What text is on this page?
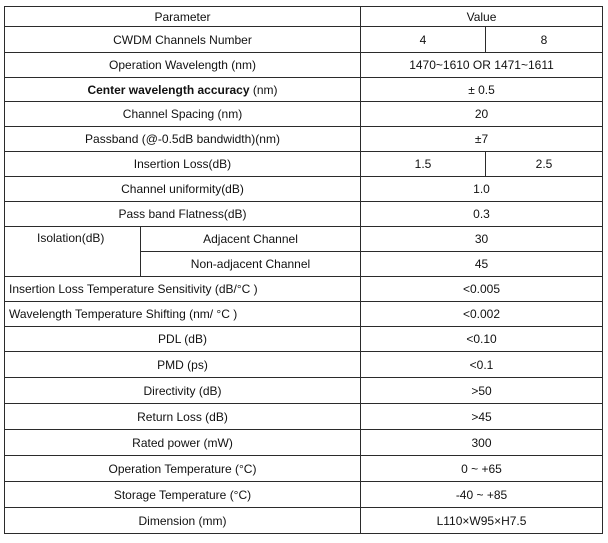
Parameter		Value	
CWDM Channels Number		4	8
Operation Wavelength (nm)		1470~1610 OR 1471~1611	
Center wavelength accuracy (nm)		± 0.5	
Channel Spacing (nm)		20	
Passband (@-0.5dB bandwidth)(nm)		±7	
Insertion Loss(dB)		1.5	2.5
Channel uniformity(dB)		1.0	
Pass band Flatness(dB)		0.3	
Isolation(dB)	Adjacent Channel	30	
	Non-adjacent Channel	45	
Insertion Loss Temperature Sensitivity (dB/°C )		<0.005	
Wavelength Temperature Shifting (nm/ °C )		<0.002	
PDL (dB)		<0.10	
PMD (ps)		<0.1	
Directivity (dB)		>50	
Return Loss (dB)		>45	
Rated power (mW)		300	
Operation Temperature (°C)		0 ~ +65	
Storage Temperature (°C)		-40 ~ +85	
Dimension (mm)		L110×W95×H7.5	
